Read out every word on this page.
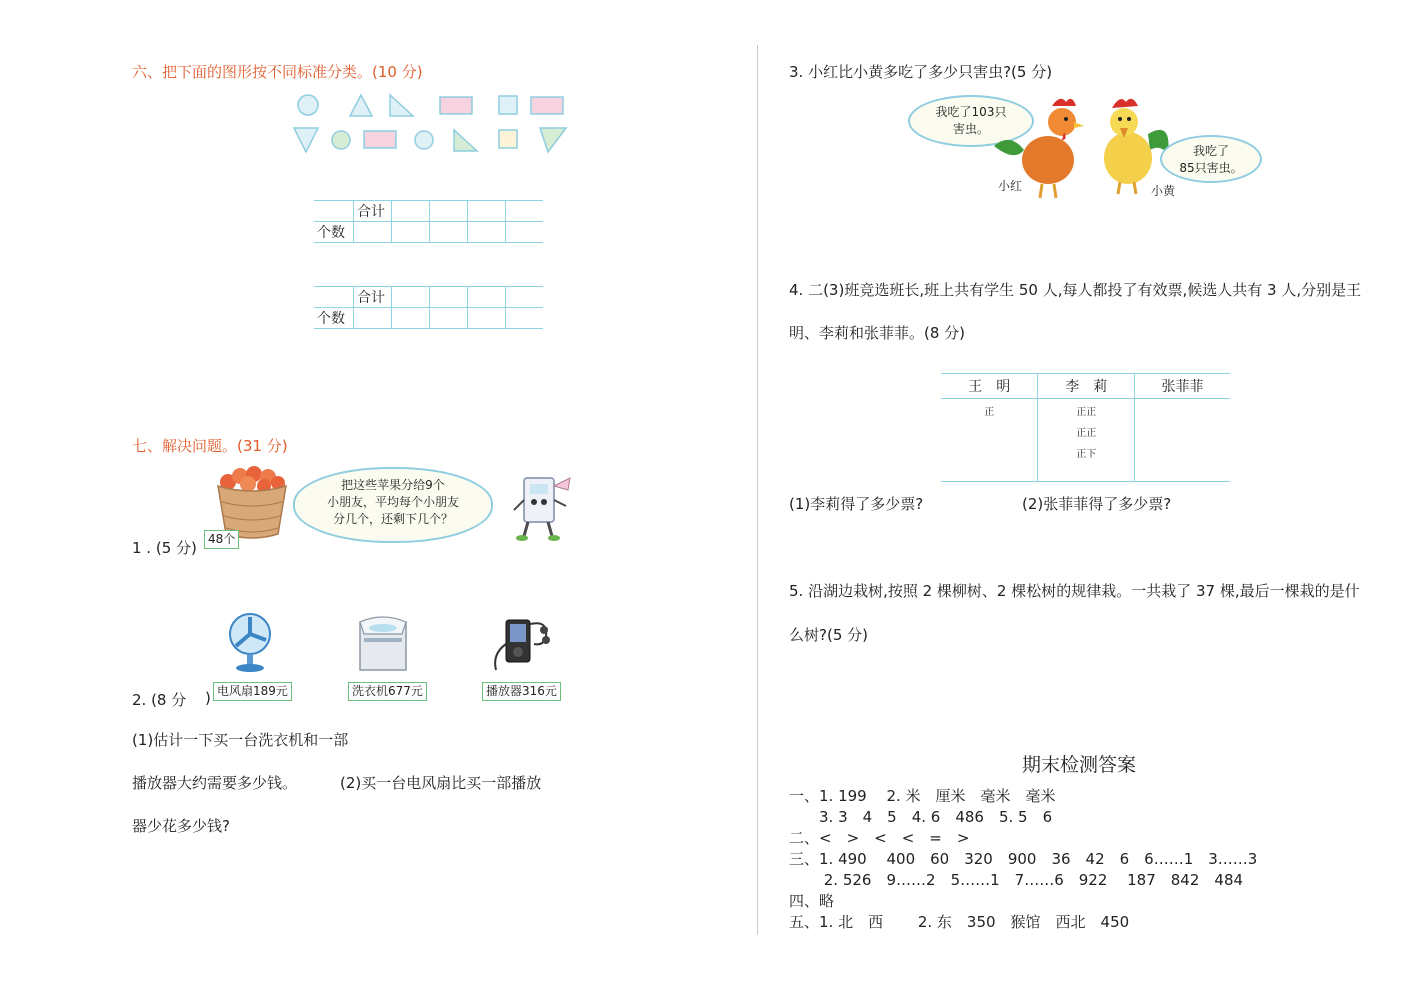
六、把下面的图形按不同标准分类。(10 分)
	合计				
个数					
	合计				
个数					
七、解决问题。(31 分)
1 . (5 分) 48个
把这些苹果分给9个
小朋友，平均每个小朋友
分几个，还剩下几个？
电风扇189元	洗衣机677元	播放器316元
2. (8 分 )
(1)估计一下买一台洗衣机和一部
播放器大约需要多少钱。	(2)买一台电风扇比买一部播放
器少花多少钱?
3. 小红比小黄多吃了多少只害虫?(5 分)
我吃了103只
害虫。
小红	小黄
我吃了
85只害虫。
4. 二(3)班竞选班长,班上共有学生 50 人,每人都投了有效票,候选人共有 3 人,分别是王
明、李莉和张菲菲。(8 分)
王　明	李　莉	张菲菲

正	正正
正正
正下	

(1)李莉得了多少票?	(2)张菲菲得了多少票?
5. 沿湖边栽树,按照 2 棵柳树、2 棵松树的规律栽。一共栽了 37 棵,最后一棵栽的是什
么树?(5 分)
期末检测答案
一、1. 199　 2. 米　厘米　毫米　毫米
　　3. 3　4　5　4. 6　486　5. 5　6
二、<　>　<　<　=　>
三、1. 490　 400　60　320　900　36　42　6　6……1　3……3
　　 2. 526　9……2　5……1　7……6　922　 187　842　484
四、略
五、1. 北　西　　 2. 东　350　猴馆　西北　450
